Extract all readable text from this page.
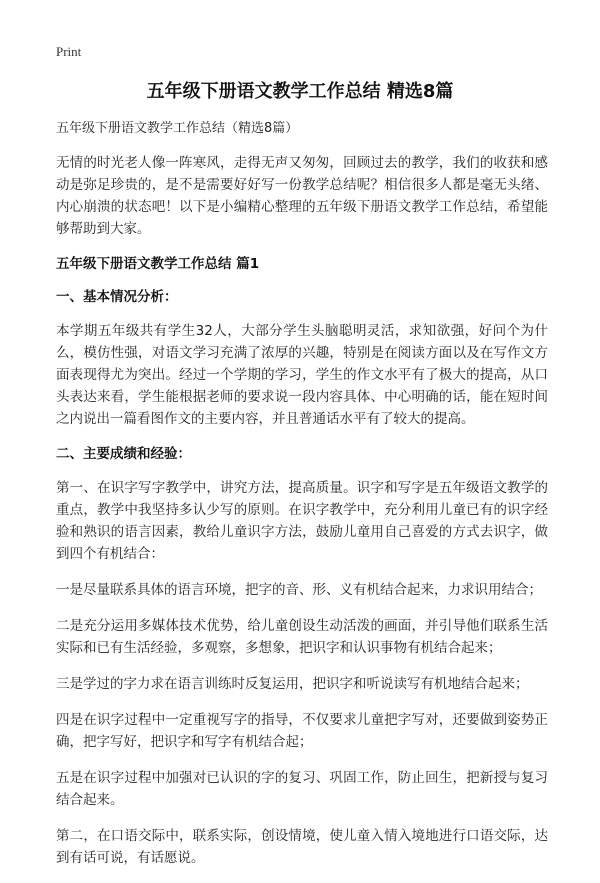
Print
五年级下册语文教学工作总结 精选8篇

五年级下册语文教学工作总结（精选8篇）

无情的时光老人像一阵寒风，走得无声又匆匆，回顾过去的教学，我们的收获和感动是弥足珍贵的，是不是需要好好写一份教学总结呢？相信很多人都是毫无头绪、内心崩溃的状态吧！以下是小编精心整理的五年级下册语文教学工作总结，希望能够帮助到大家。

五年级下册语文教学工作总结 篇1

一、基本情况分析：

本学期五年级共有学生32人，大部分学生头脑聪明灵活，求知欲强，好问个为什么，模仿性强，对语文学习充满了浓厚的兴趣，特别是在阅读方面以及在写作文方面表现得尤为突出。经过一个学期的学习，学生的作文水平有了极大的提高，从口头表达来看，学生能根据老师的要求说一段内容具体、中心明确的话，能在短时间之内说出一篇看图作文的主要内容，并且普通话水平有了较大的提高。

二、主要成绩和经验：

第一、在识字写字教学中，讲究方法，提高质量。识字和写字是五年级语文教学的重点，教学中我坚持多认少写的原则。在识字教学中，充分利用儿童已有的识字经验和熟识的语言因素，教给儿童识字方法，鼓励儿童用自己喜爱的方式去识字，做到四个有机结合：

一是尽量联系具体的语言环境，把字的音、形、义有机结合起来，力求识用结合；

二是充分运用多媒体技术优势，给儿童创设生动活泼的画面，并引导他们联系生活实际和已有生活经验，多观察，多想象，把识字和认识事物有机结合起来；

三是学过的字力求在语言训练时反复运用，把识字和听说读写有机地结合起来；

四是在识字过程中一定重视写字的指导，不仅要求儿童把字写对，还要做到姿势正确，把字写好，把识字和写字有机结合起；

五是在识字过程中加强对已认识的字的复习、巩固工作，防止回生，把新授与复习结合起来。

第二，在口语交际中，联系实际，创设情境，使儿童入情入境地进行口语交际，达到有话可说，有话愿说。
